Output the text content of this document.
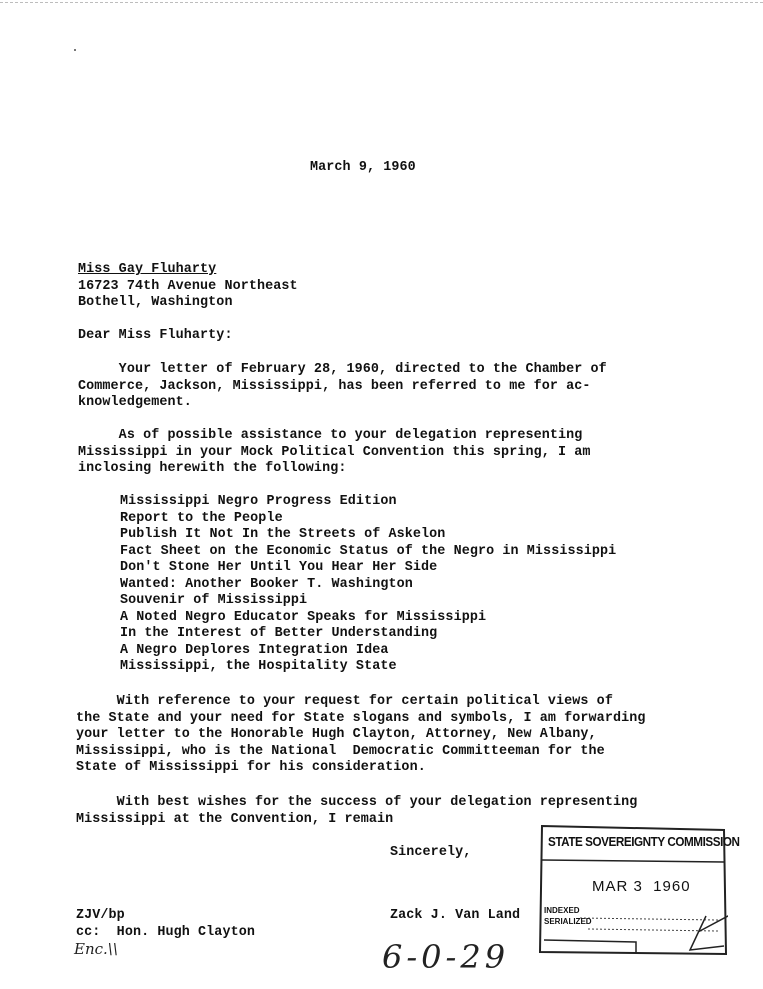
March 9, 1960
Miss Gay Fluharty
16723 74th Avenue Northeast
Bothell, Washington
Dear Miss Fluharty:
Your letter of February 28, 1960, directed to the Chamber of
Commerce, Jackson, Mississippi, has been referred to me for ac-
knowledgement.
As of possible assistance to your delegation representing
Mississippi in your Mock Political Convention this spring, I am
inclosing herewith the following:
Mississippi Negro Progress Edition
Report to the People
Publish It Not In the Streets of Askelon
Fact Sheet on the Economic Status of the Negro in Mississippi
Don't Stone Her Until You Hear Her Side
Wanted: Another Booker T. Washington
Souvenir of Mississippi
A Noted Negro Educator Speaks for Mississippi
In the Interest of Better Understanding
A Negro Deplores Integration Idea
Mississippi, the Hospitality State
With reference to your request for certain political views of
the State and your need for State slogans and symbols, I am forwarding
your letter to the Honorable Hugh Clayton, Attorney, New Albany,
Mississippi, who is the National  Democratic Committeeman for the
State of Mississippi for his consideration.
With best wishes for the success of your delegation representing
Mississippi at the Convention, I remain
Sincerely,
Zack J. Van Land
ZJV/bp
cc:  Hon. Hugh Clayton
Enc.\\	6-0-29
STATE SOVEREIGNTY COMMISSION
MAR 3  1960
INDEXED
SERIALIZED
